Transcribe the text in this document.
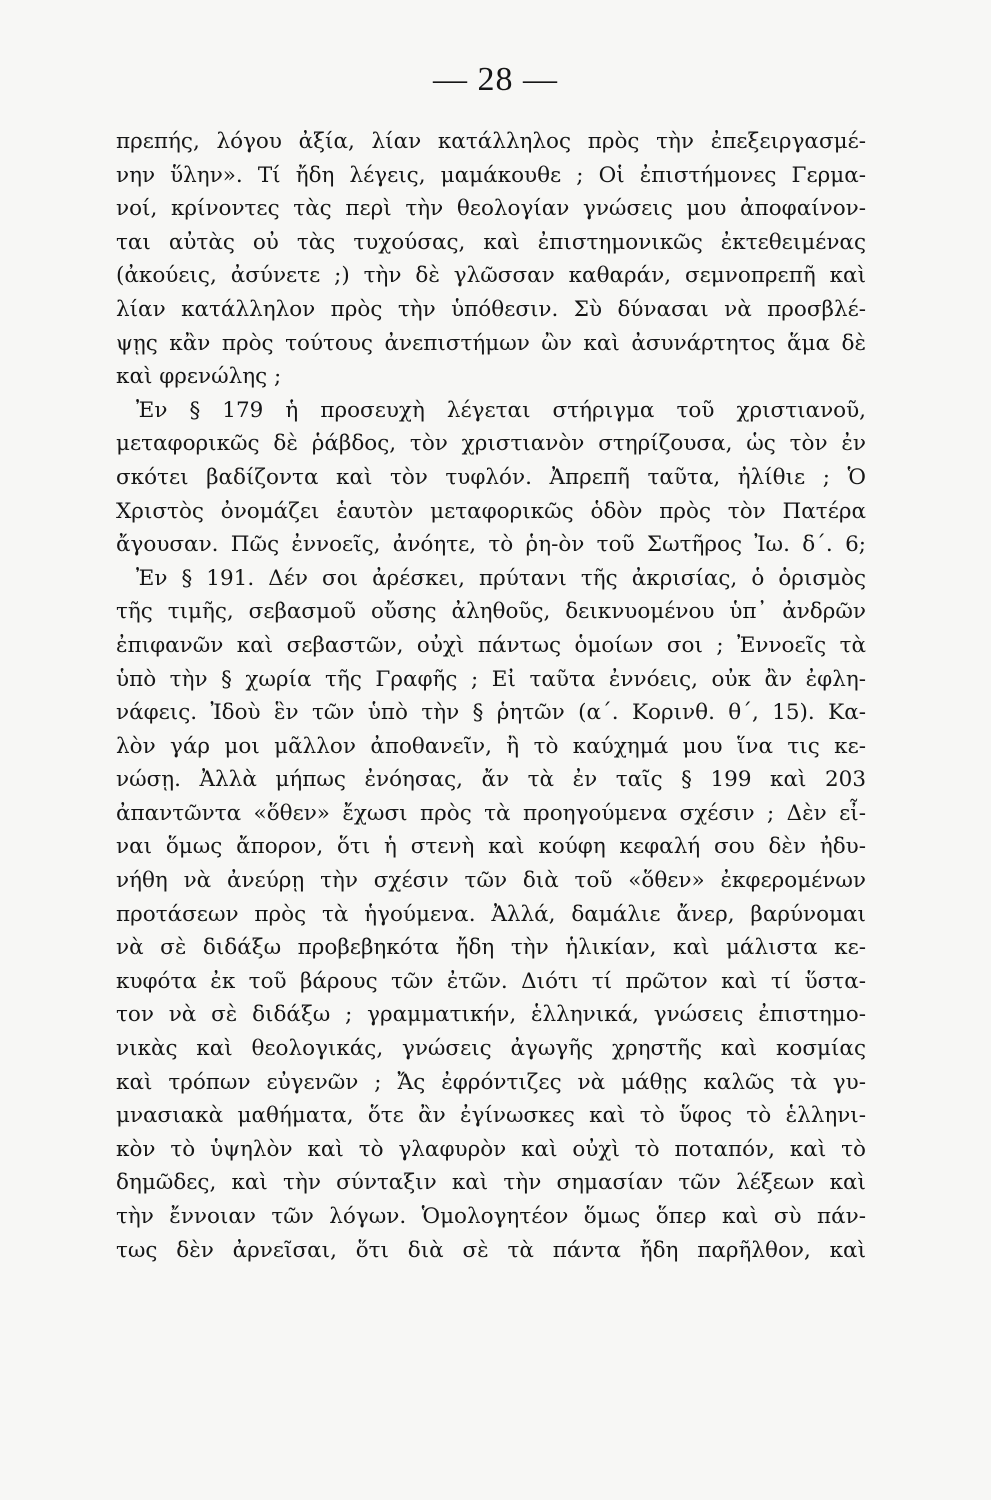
— 28 —
πρεπής, λόγου ἀξία, λίαν κατάλληλος πρὸς τὴν ἐπεξειργασμέ-
νην ὕλην». Τί ἤδη λέγεις, μαμάκουθε ; Οἱ ἐπιστήμονες Γερμα-
νοί, κρίνοντες τὰς περὶ τὴν θεολογίαν γνώσεις μου ἀποφαίνον-
ται αὐτὰς οὐ τὰς τυχούσας, καὶ ἐπιστημονικῶς ἐκτεθειμένας
(ἀκούεις, ἀσύνετε ;) τὴν δὲ γλῶσσαν καθαράν, σεμνοπρεπῆ καὶ
λίαν κατάλληλον πρὸς τὴν ὑπόθεσιν. Σὺ δύνασαι νὰ προσβλέ-
ψῃς κἂν πρὸς τούτους ἀνεπιστήμων ὢν καὶ ἀσυνάρτητος ἅμα δὲ
καὶ φρενώλης ;
Ἐν § 179 ἡ προσευχὴ λέγεται στήριγμα τοῦ χριστιανοῦ,
μεταφορικῶς δὲ ῥάβδος, τὸν χριστιανὸν στηρίζουσα, ὡς τὸν ἐν
σκότει βαδίζοντα καὶ τὸν τυφλόν. Ἀπρεπῆ ταῦτα, ἠλίθιε ; Ὁ
Χριστὸς ὀνομάζει ἑαυτὸν μεταφορικῶς ὁδὸν πρὸς τὸν Πατέρα
ἄγουσαν. Πῶς ἐννοεῖς, ἀνόητε, τὸ ῥη-ὸν τοῦ Σωτῆρος Ἰω. δ΄. 6;
Ἐν § 191. Δέν σοι ἀρέσκει, πρύτανι τῆς ἀκρισίας, ὁ ὁρισμὸς
τῆς τιμῆς, σεβασμοῦ οὔσης ἀληθοῦς, δεικνυομένου ὑπ᾽ ἀνδρῶν
ἐπιφανῶν καὶ σεβαστῶν, οὐχὶ πάντως ὁμοίων σοι ; Ἐννοεῖς τὰ
ὑπὸ τὴν § χωρία τῆς Γραφῆς ; Εἰ ταῦτα ἐννόεις, οὐκ ἂν ἐφλη-
νάφεις. Ἰδοὺ ἓν τῶν ὑπὸ τὴν § ῥητῶν (α΄. Κορινθ. θ΄, 15). Κα-
λὸν γάρ μοι μᾶλλον ἀποθανεῖν, ἢ τὸ καύχημά μου ἵνα τις κε-
νώσῃ. Ἀλλὰ μήπως ἐνόησας, ἄν τὰ ἐν ταῖς § 199 καὶ 203
ἀπαντῶντα «ὅθεν» ἔχωσι πρὸς τὰ προηγούμενα σχέσιν ; Δὲν εἶ-
ναι ὅμως ἄπορον, ὅτι ἡ στενὴ καὶ κούφη κεφαλή σου δὲν ἠδυ-
νήθη νὰ ἀνεύρῃ τὴν σχέσιν τῶν διὰ τοῦ «ὅθεν» ἐκφερομένων
προτάσεων πρὸς τὰ ἡγούμενα. Ἀλλά, δαμάλιε ἄνερ, βαρύνομαι
νὰ σὲ διδάξω προβεβηκότα ἤδη τὴν ἡλικίαν, καὶ μάλιστα κε-
κυφότα ἐκ τοῦ βάρους τῶν ἐτῶν. Διότι τί πρῶτον καὶ τί ὕστα-
τον νὰ σὲ διδάξω ; γραμματικήν, ἑλληνικά, γνώσεις ἐπιστημο-
νικὰς καὶ θεολογικάς, γνώσεις ἀγωγῆς χρηστῆς καὶ κοσμίας
καὶ τρόπων εὐγενῶν ; Ἄς ἐφρόντιζες νὰ μάθῃς καλῶς τὰ γυ-
μνασιακὰ μαθήματα, ὅτε ἂν ἐγίνωσκες καὶ τὸ ὕφος τὸ ἑλληνι-
κὸν τὸ ὑψηλὸν καὶ τὸ γλαφυρὸν καὶ οὐχὶ τὸ ποταπόν, καὶ τὸ
δημῶδες, καὶ τὴν σύνταξιν καὶ τὴν σημασίαν τῶν λέξεων καὶ
τὴν ἔννοιαν τῶν λόγων. Ὁμολογητέον ὅμως ὅπερ καὶ σὺ πάν-
τως δὲν ἀρνεῖσαι, ὅτι διὰ σὲ τὰ πάντα ἤδη παρῆλθον, καὶ
